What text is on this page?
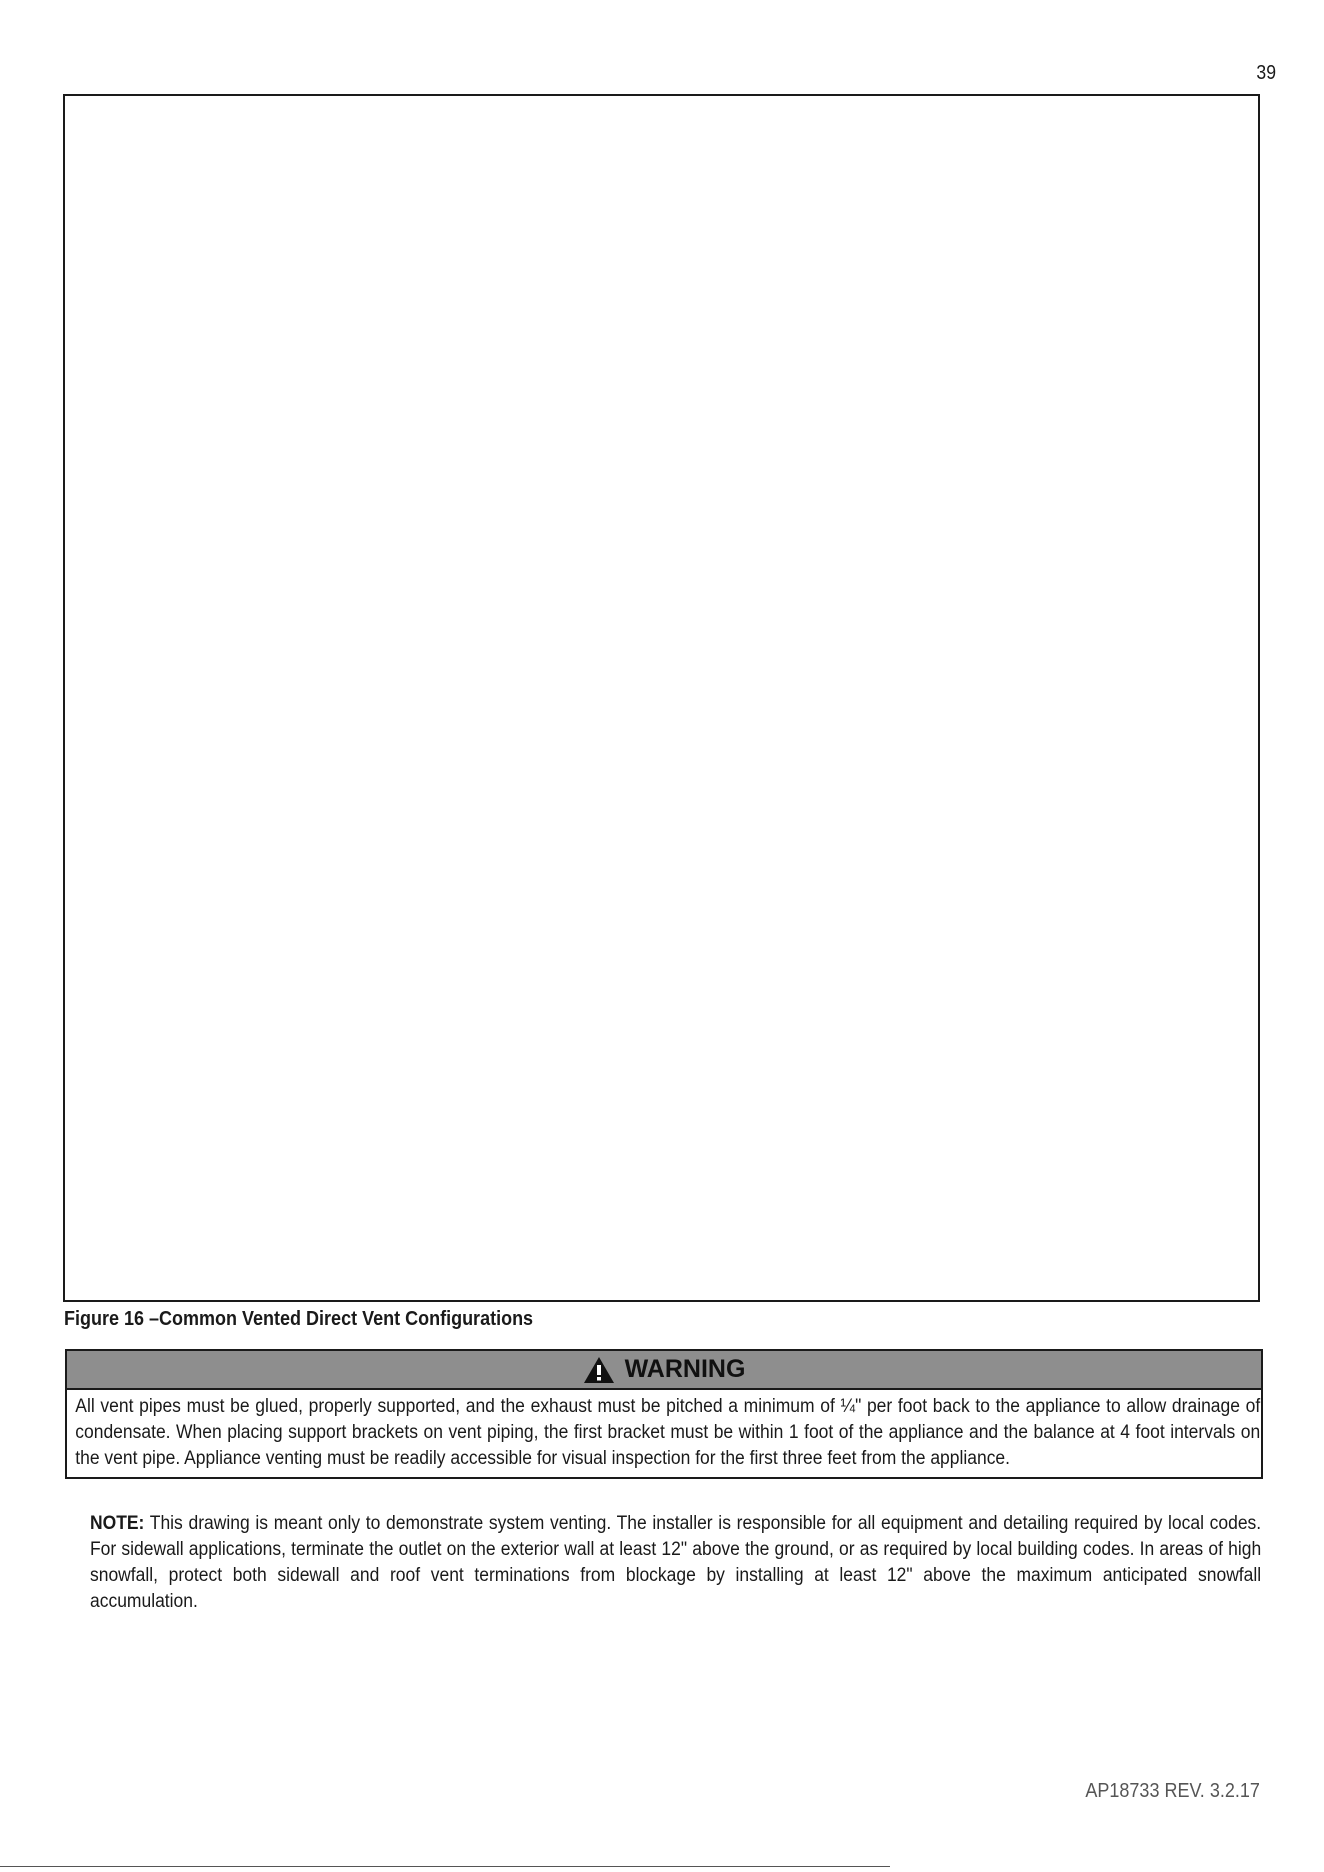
39
Figure 16 –Common Vented Direct Vent Configurations
WARNING
All vent pipes must be glued, properly supported, and the exhaust must be pitched a minimum of ¼" per foot back to the appliance to allow drainage of condensate. When placing support brackets on vent piping, the first bracket must be within 1 foot of the appliance and the balance at 4 foot intervals on the vent pipe. Appliance venting must be readily accessible for visual inspection for the first three feet from the appliance.
NOTE: This drawing is meant only to demonstrate system venting. The installer is responsible for all equipment and detailing required by local codes. For sidewall applications, terminate the outlet on the exterior wall at least 12" above the ground, or as required by local building codes. In areas of high snowfall, protect both sidewall and roof vent terminations from blockage by installing at least 12" above the maximum anticipated snowfall accumulation.
AP18733 REV. 3.2.17
